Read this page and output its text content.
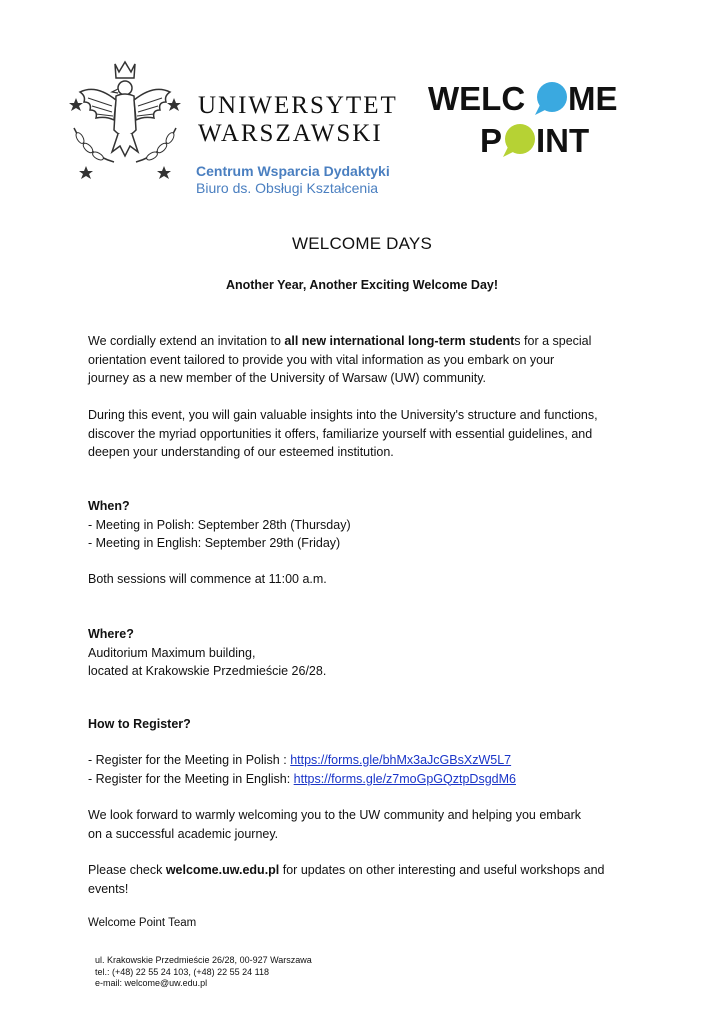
UNIWERSYTET
WARSZAWSKI
Centrum Wsparcia Dydaktyki
Biuro ds. Obsługi Kształcenia
WELC ME
P INT
WELCOME DAYS
Another Year, Another Exciting Welcome Day!
We cordially extend an invitation to all new international long-term students for a special
orientation event tailored to provide you with vital information as you embark on your
journey as a new member of the University of Warsaw (UW) community.
During this event, you will gain valuable insights into the University's structure and functions,
discover the myriad opportunities it offers, familiarize yourself with essential guidelines, and
deepen your understanding of our esteemed institution.
When?
- Meeting in Polish: September 28th (Thursday)
- Meeting in English: September 29th (Friday)
Both sessions will commence at 11:00 a.m.
Where?
Auditorium Maximum building,
located at Krakowskie Przedmieście 26/28.
How to Register?
- Register for the Meeting in Polish : https://forms.gle/bhMx3aJcGBsXzW5L7
- Register for the Meeting in English: https://forms.gle/z7moGpGQztpDsgdM6
We look forward to warmly welcoming you to the UW community and helping you embark
on a successful academic journey.
Please check welcome.uw.edu.pl for updates on other interesting and useful workshops and
events!
Welcome Point Team
ul. Krakowskie Przedmieście 26/28, 00-927 Warszawa
tel.: (+48) 22 55 24 103, (+48) 22 55 24 118
e-mail: welcome@uw.edu.pl
